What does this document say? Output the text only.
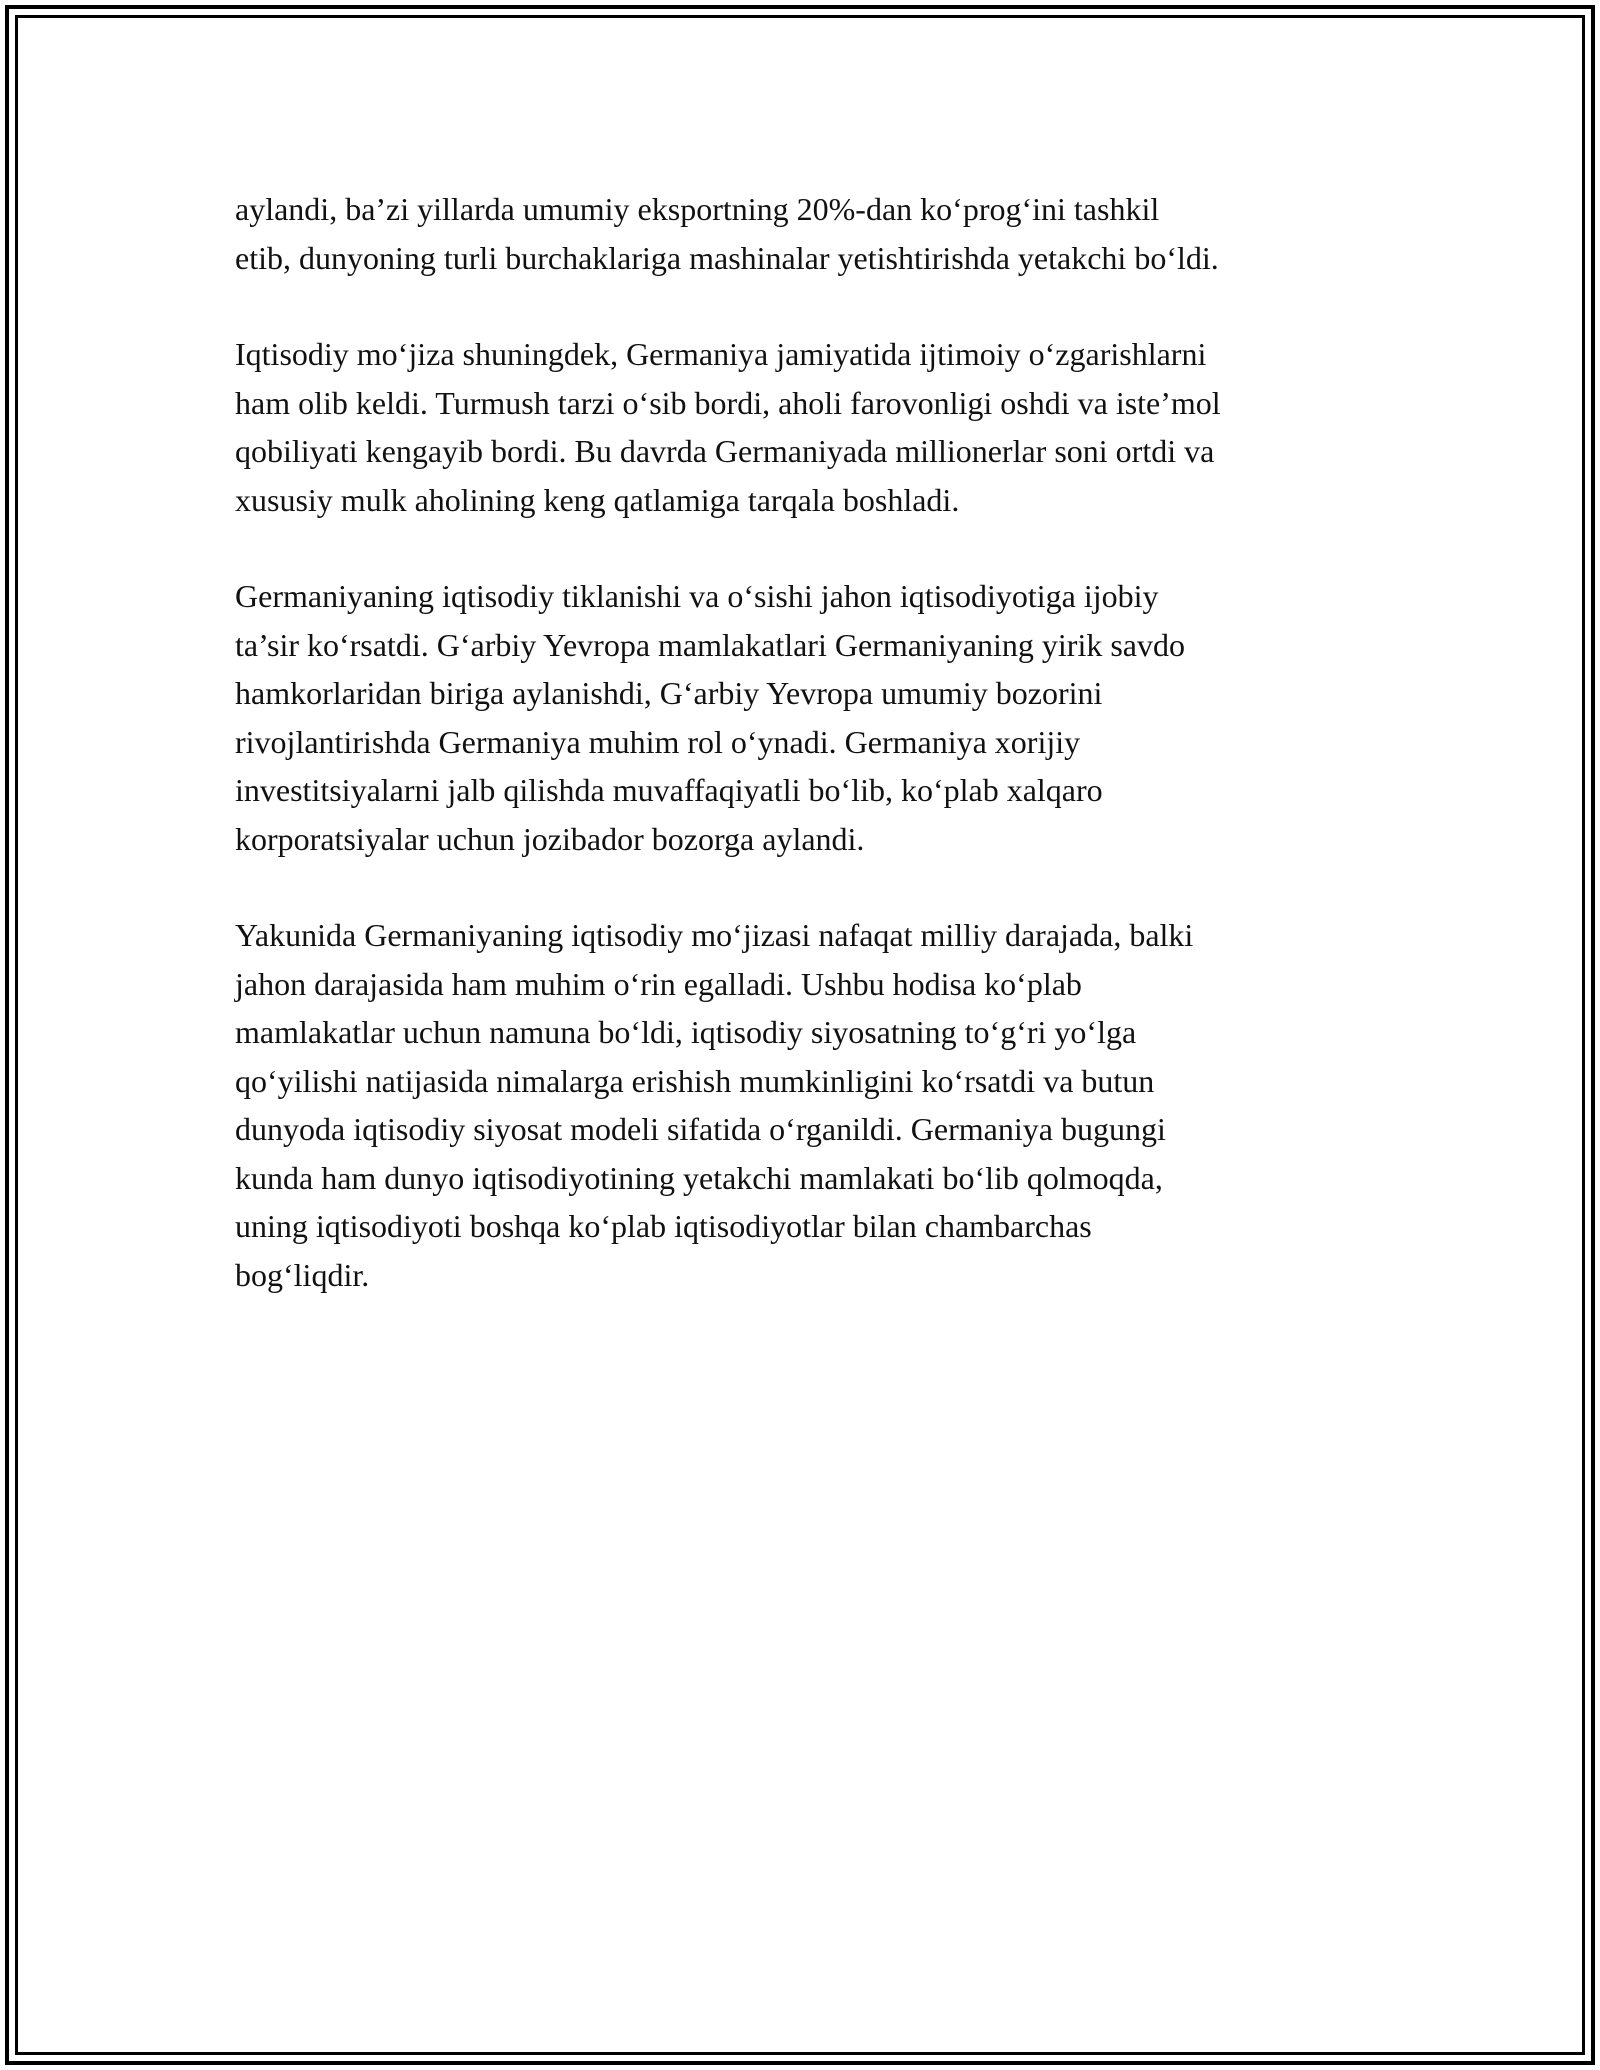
aylandi, ba’zi yillarda umumiy eksportning 20%-dan ko‘prog‘ini tashkil
etib, dunyoning turli burchaklariga mashinalar yetishtirishda yetakchi bo‘ldi.

Iqtisodiy mo‘jiza shuningdek, Germaniya jamiyatida ijtimoiy o‘zgarishlarni
ham olib keldi. Turmush tarzi o‘sib bordi, aholi farovonligi oshdi va iste’mol
qobiliyati kengayib bordi. Bu davrda Germaniyada millionerlar soni ortdi va
xususiy mulk aholining keng qatlamiga tarqala boshladi.

Germaniyaning iqtisodiy tiklanishi va o‘sishi jahon iqtisodiyotiga ijobiy
ta’sir ko‘rsatdi. G‘arbiy Yevropa mamlakatlari Germaniyaning yirik savdo
hamkorlaridan biriga aylanishdi, G‘arbiy Yevropa umumiy bozorini
rivojlantirishda Germaniya muhim rol o‘ynadi. Germaniya xorijiy
investitsiyalarni jalb qilishda muvaffaqiyatli bo‘lib, ko‘plab xalqaro
korporatsiyalar uchun jozibador bozorga aylandi.

Yakunida Germaniyaning iqtisodiy mo‘jizasi nafaqat milliy darajada, balki
jahon darajasida ham muhim o‘rin egalladi. Ushbu hodisa ko‘plab
mamlakatlar uchun namuna bo‘ldi, iqtisodiy siyosatning to‘g‘ri yo‘lga
qo‘yilishi natijasida nimalarga erishish mumkinligini ko‘rsatdi va butun
dunyoda iqtisodiy siyosat modeli sifatida o‘rganildi. Germaniya bugungi
kunda ham dunyo iqtisodiyotining yetakchi mamlakati bo‘lib qolmoqda,
uning iqtisodiyoti boshqa ko‘plab iqtisodiyotlar bilan chambarchas
bog‘liqdir.
